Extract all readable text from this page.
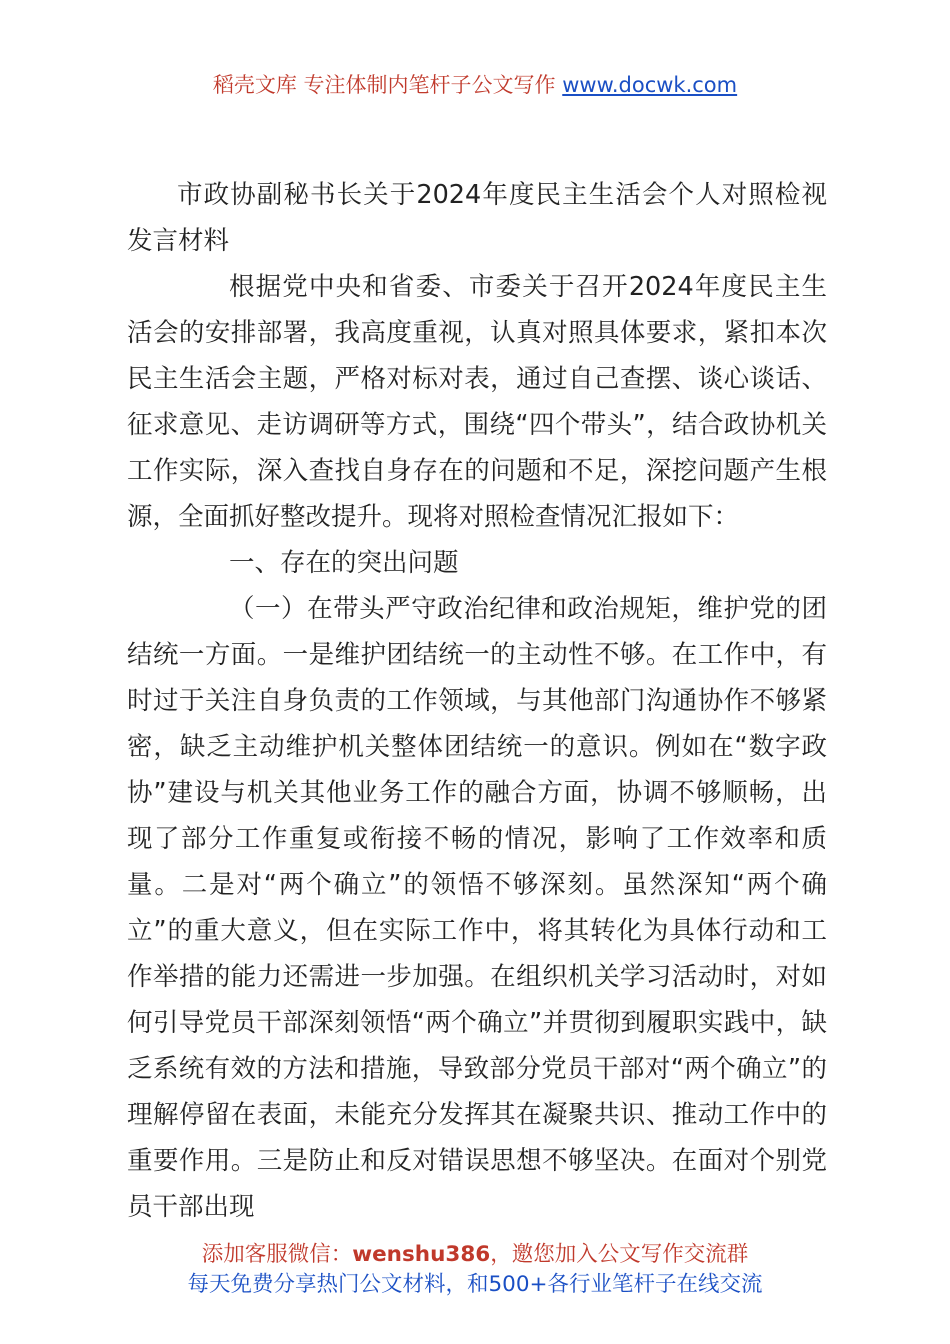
稻壳文库 专注体制内笔杆子公文写作 www.docwk.com

市政协副秘书长关于2024年度民主生活会个人对照检视发言材料

根据党中央和省委、市委关于召开2024年度民主生活会的安排部署，我高度重视，认真对照具体要求，紧扣本次民主生活会主题，严格对标对表，通过自己查摆、谈心谈话、征求意见、走访调研等方式，围绕“四个带头”，结合政协机关工作实际，深入查找自身存在的问题和不足，深挖问题产生根源，全面抓好整改提升。现将对照检查情况汇报如下：

一、存在的突出问题

（一）在带头严守政治纪律和政治规矩，维护党的团结统一方面。一是维护团结统一的主动性不够。在工作中，有时过于关注自身负责的工作领域，与其他部门沟通协作不够紧密，缺乏主动维护机关整体团结统一的意识。例如在“数字政协”建设与机关其他业务工作的融合方面，协调不够顺畅，出现了部分工作重复或衔接不畅的情况，影响了工作效率和质量。二是对“两个确立”的领悟不够深刻。虽然深知“两个确立”的重大意义，但在实际工作中，将其转化为具体行动和工作举措的能力还需进一步加强。在组织机关学习活动时，对如何引导党员干部深刻领悟“两个确立”并贯彻到履职实践中，缺乏系统有效的方法和措施，导致部分党员干部对“两个确立”的理解停留在表面，未能充分发挥其在凝聚共识、推动工作中的重要作用。三是防止和反对错误思想不够坚决。在面对个别党员干部出现

添加客服微信：wenshu386，邀您加入公文写作交流群
每天免费分享热门公文材料，和500+各行业笔杆子在线交流
